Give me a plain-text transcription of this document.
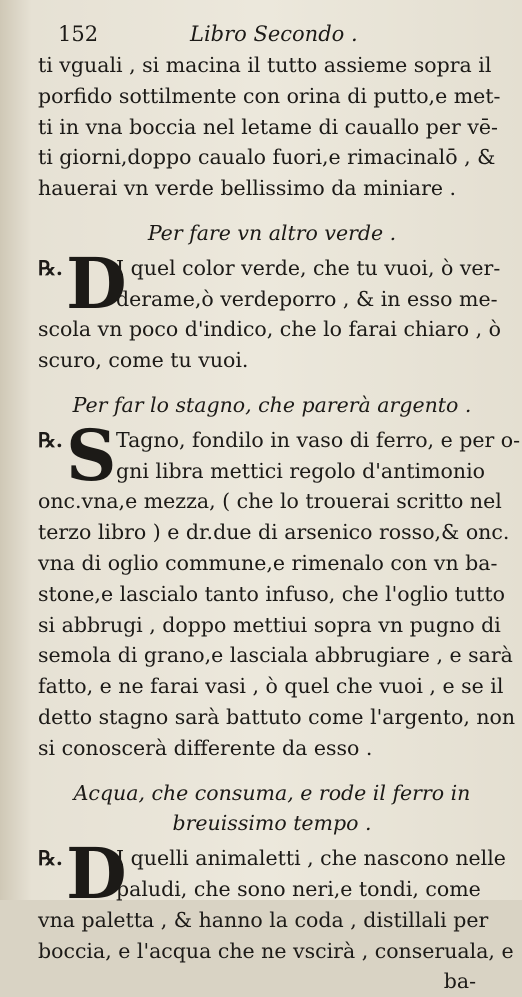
152	Libro Secondo .
ti vguali , si macina il tutto assieme sopra il
porfido sottilmente con orina di putto,e met-
ti in vna boccia nel letame di cauallo per vē-
ti giorni,doppo caualo fuori,e rimacinalō , &
hauerai vn verde bellissimo da miniare .
Per fare vn altro verde .
℞. D
I quel color verde, che tu vuoi, ò ver-
derame,ò verdeporro , & in esso me-
scola vn poco d'indico, che lo farai chiaro , ò
scuro, come tu vuoi.
Per far lo stagno, che parerà argento .
℞. S Tagno, fondilo in vaso di ferro, e per o-
gni libra mettici regolo d'antimonio
onc.vna,e mezza, ( che lo trouerai scritto nel
terzo libro ) e dr.due di arsenico rosso,& onc.
vna di oglio commune,e rimenalo con vn ba-
stone,e lascialo tanto infuso, che l'oglio tutto
si abbrugi , doppo mettiui sopra vn pugno di
semola di grano,e lasciala abbrugiare , e sarà
fatto, e ne farai vasi , ò quel che vuoi , e se il
detto stagno sarà battuto come l'argento, non
si conoscerà differente da esso .
Acqua, che consuma, e rode il ferro in
breuissimo tempo .
℞. D
I quelli animaletti , che nascono nelle
paludi, che sono neri,e tondi, come
vna paletta , & hanno la coda , distillali per
boccia, e l'acqua che ne vscirà , conseruala, e
ba-
